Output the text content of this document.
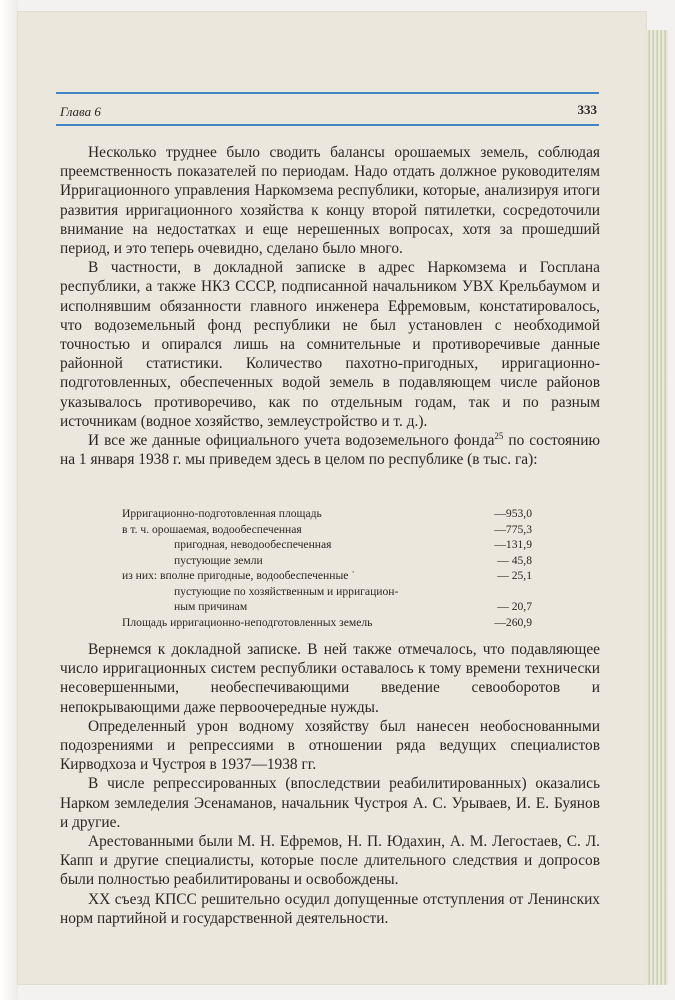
Глава 6	333

Несколько труднее было сводить балансы орошаемых земель, соблюдая преемственность показателей по периодам. Надо отдать должное руководителям Ирригационного управления Наркомзема республики, которые, анализируя итоги развития ирригационного хозяйства к концу второй пятилетки, сосредоточили внимание на недостатках и еще нерешенных вопросах, хотя за прошедший период, и это теперь очевидно, сделано было много.

В частности, в докладной записке в адрес Наркомзема и Госплана республики, а также НКЗ СССР, подписанной начальником УВХ Крельбаумом и исполнявшим обязанности главного инженера Ефремовым, констатировалось, что водоземельный фонд республики не был установлен с необходимой точностью и опирался лишь на сомнительные и противоречивые данные районной статистики. Количество пахотно-пригодных, ирригационно-подготовленных, обеспеченных водой земель в подавляющем числе районов указывалось противоречиво, как по отдельным годам, так и по разным источникам (водное хозяйство, землеустройство и т. д.).

И все же данные официального учета водоземельного фонда$^{25}$ по состоянию на 1 января 1938 г. мы приведем здесь в целом по республике (в тыс. га):

Ирригационно-подготовленная площадь	—953,0
в т. ч. орошаемая, водообеспеченная	—775,3
пригодная, неводообеспеченная	—131,9
пустующие земли	— 45,8
из них: вполне пригодные, водообеспеченные ˙	— 25,1
пустующие по хозяйственным и ирригацион-
ным причинам	— 20,7
Площадь ирригационно-неподготовленных земель	—260,9

Вернемся к докладной записке. В ней также отмечалось, что подавляющее число ирригационных систем республики оставалось к тому времени технически несовершенными, необеспечивающими введение севооборотов и непокрывающими даже первоочередные нужды.

Определенный урон водному хозяйству был нанесен необоснованными подозрениями и репрессиями в отношении ряда ведущих специалистов Кирводхоза и Чустроя в 1937—1938 гг.

В числе репрессированных (впоследствии реабилитированных) оказались Нарком земледелия Эсенаманов, начальник Чустроя А. С. Урываев, И. Е. Буянов и другие.

Арестованными были М. Н. Ефремов, Н. П. Юдахин, А. М. Легостаев, С. Л. Капп и другие специалисты, которые после длительного следствия и допросов были полностью реабилитированы и освобождены.

XX съезд КПСС решительно осудил допущенные отступления от Ленинских норм партийной и государственной деятельности.
